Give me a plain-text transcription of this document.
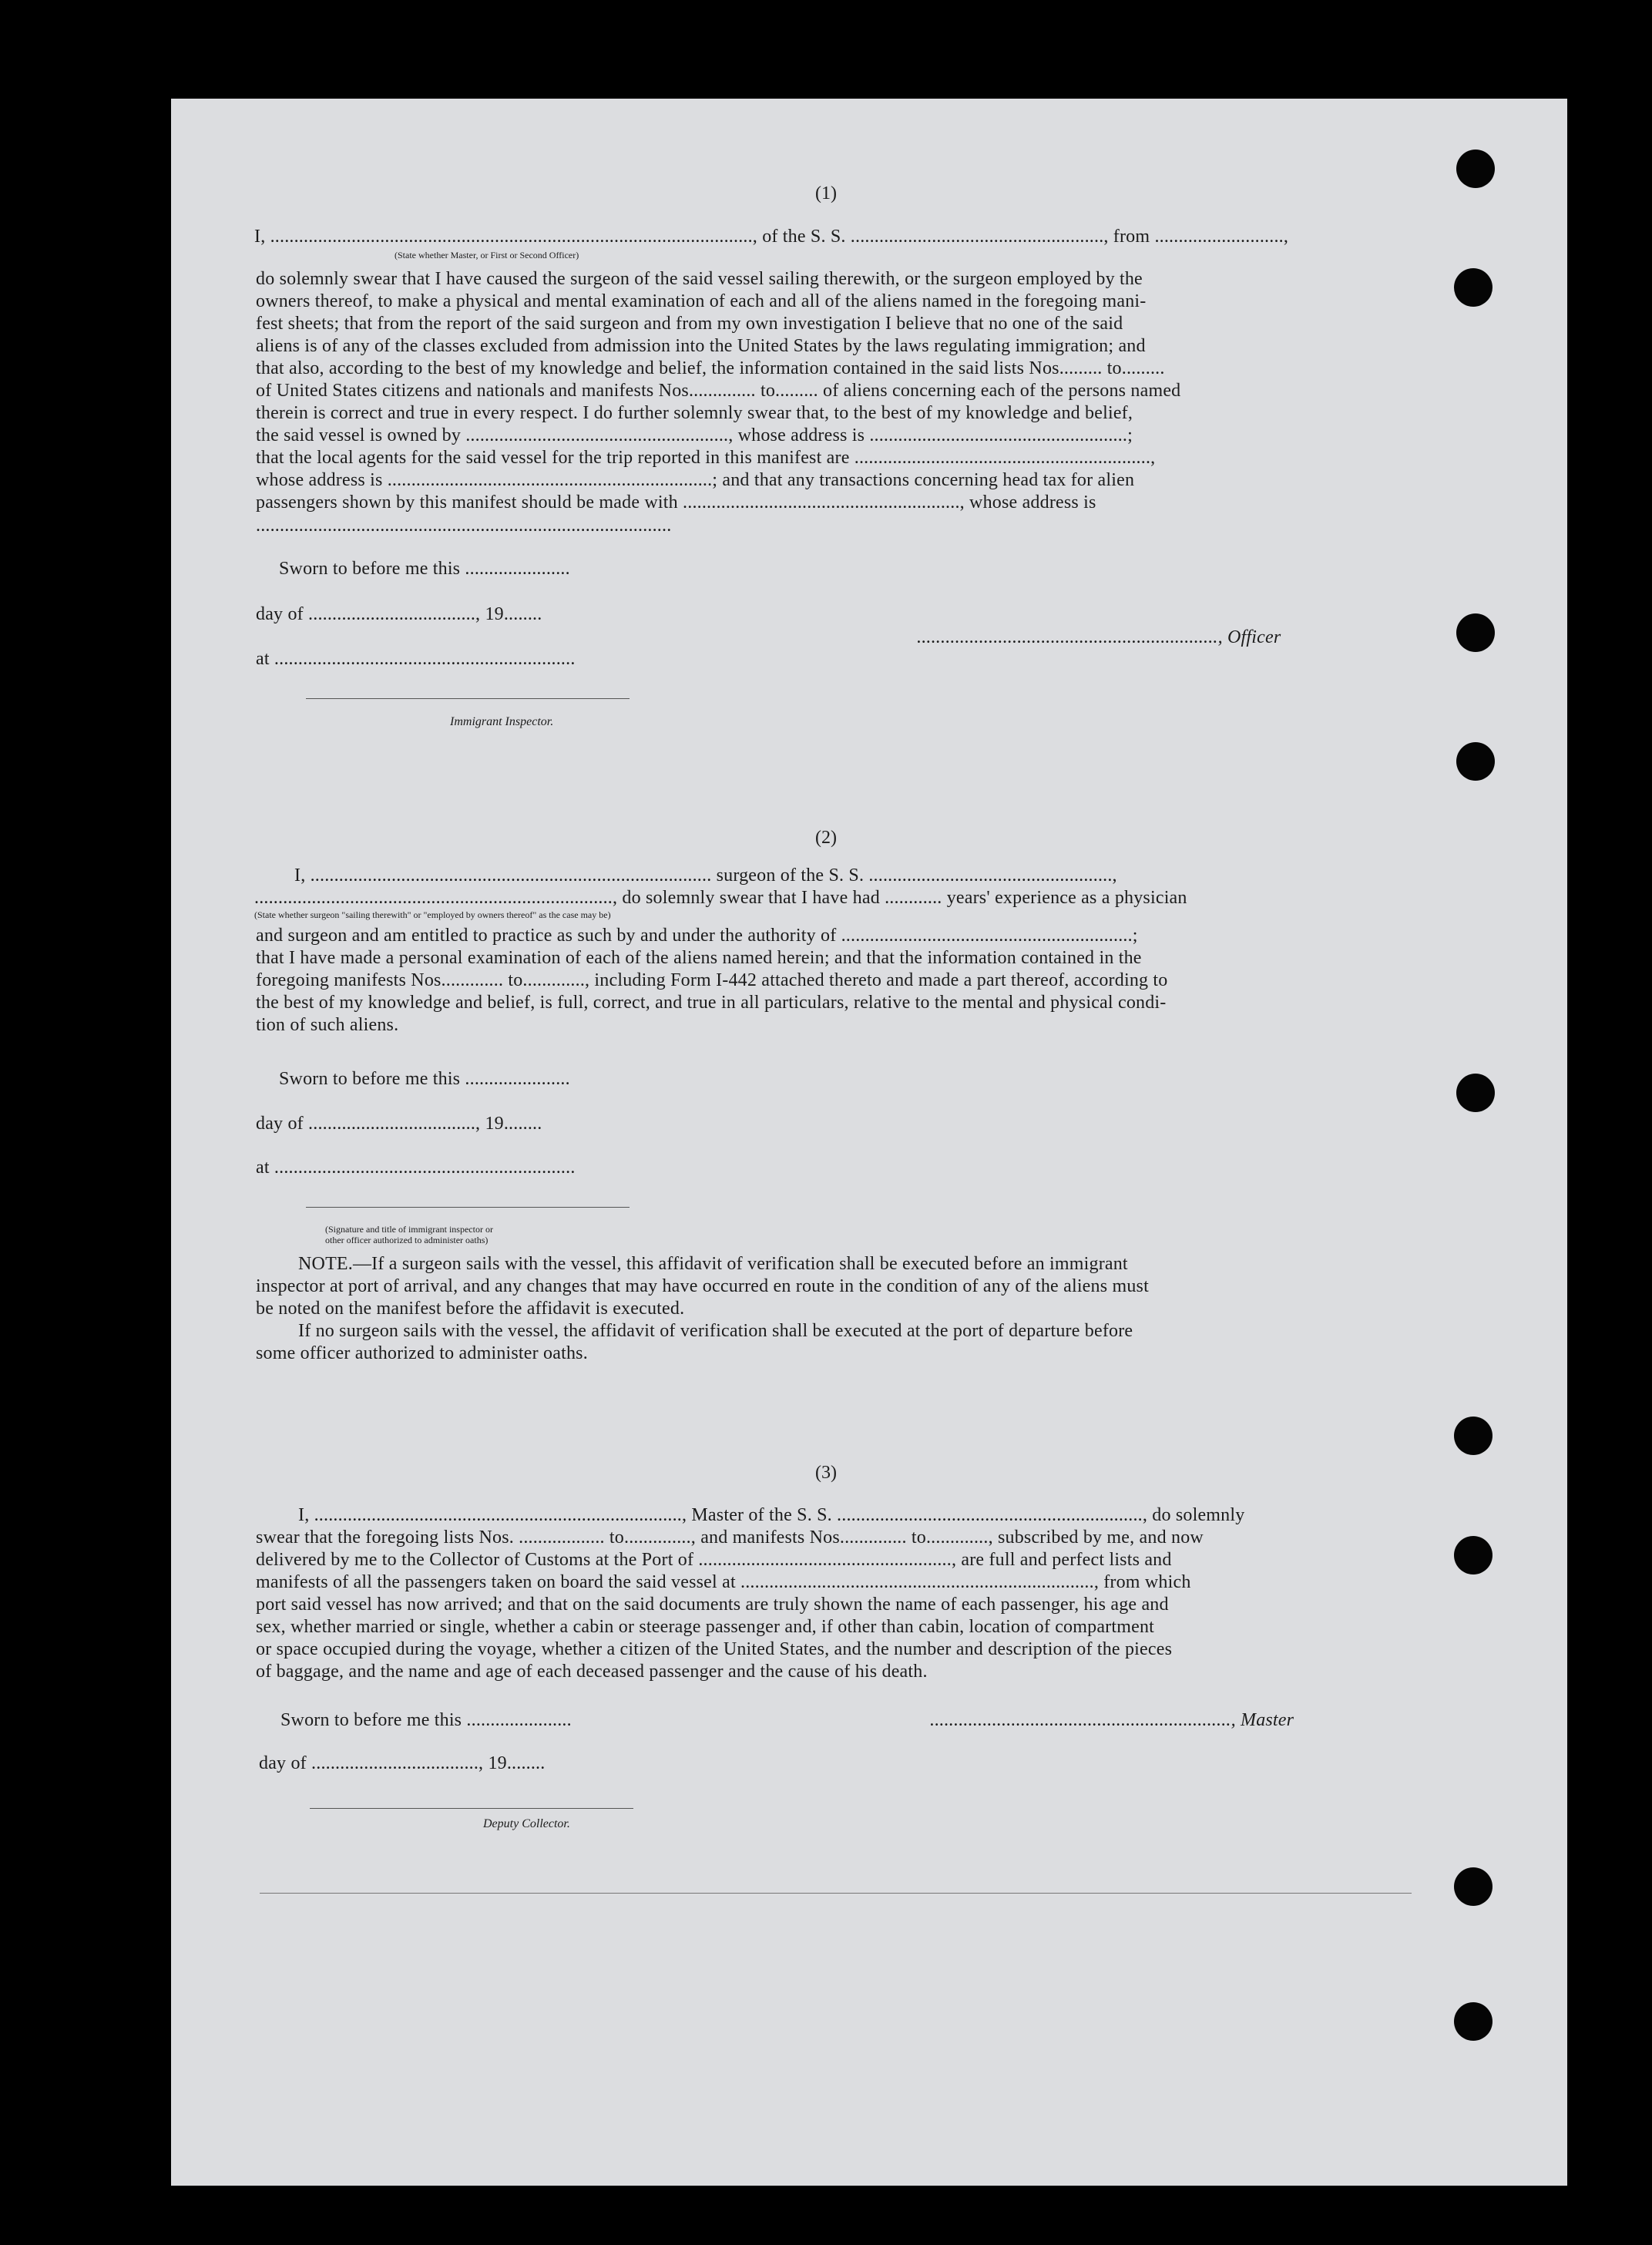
(1)
I, ....................................................................................................., of the S. S. ....................................................., from ...........................,
(State whether Master, or First or Second Officer)
do solemnly swear that I have caused the surgeon of the said vessel sailing therewith, or the surgeon employed by the
owners thereof, to make a physical and mental examination of each and all of the aliens named in the foregoing mani-
fest sheets; that from the report of the said surgeon and from my own investigation I believe that no one of the said
aliens is of any of the classes excluded from admission into the United States by the laws regulating immigration; and
that also, according to the best of my knowledge and belief, the information contained in the said lists Nos......... to.........
of United States citizens and nationals and manifests Nos.............. to......... of aliens concerning each of the persons named
therein is correct and true in every respect. I do further solemnly swear that, to the best of my knowledge and belief,
the said vessel is owned by ......................................................., whose address is ......................................................;
that the local agents for the said vessel for the trip reported in this manifest are ..............................................................,
whose address is ....................................................................; and that any transactions concerning head tax for alien
passengers shown by this manifest should be made with .........................................................., whose address is
.......................................................................................
Sworn to before me this ......................
day of ..................................., 19........
..............................................................., Officer
at ...............................................................
Immigrant Inspector.
(2)
I, .................................................................................... surgeon of the S. S. ...................................................,
..........................................................................., do solemnly swear that I have had ............ years' experience as a physician
(State whether surgeon "sailing therewith" or "employed by owners thereof" as the case may be)
and surgeon and am entitled to practice as such by and under the authority of .............................................................;
that I have made a personal examination of each of the aliens named herein; and that the information contained in the
foregoing manifests Nos............. to............., including Form I-442 attached thereto and made a part thereof, according to
the best of my knowledge and belief, is full, correct, and true in all particulars, relative to the mental and physical condi-
tion of such aliens.
Sworn to before me this ......................
day of ..................................., 19........
at ...............................................................
(Signature and title of immigrant inspector or
other officer authorized to administer oaths)
NOTE.—If a surgeon sails with the vessel, this affidavit of verification shall be executed before an immigrant
inspector at port of arrival, and any changes that may have occurred en route in the condition of any of the aliens must
be noted on the manifest before the affidavit is executed.
If no surgeon sails with the vessel, the affidavit of verification shall be executed at the port of departure before
some officer authorized to administer oaths.
(3)
I, ............................................................................., Master of the S. S. ................................................................, do solemnly
swear that the foregoing lists Nos. .................. to.............., and manifests Nos.............. to............., subscribed by me, and now
delivered by me to the Collector of Customs at the Port of ....................................................., are full and perfect lists and
manifests of all the passengers taken on board the said vessel at .........................................................................., from which
port said vessel has now arrived; and that on the said documents are truly shown the name of each passenger, his age and
sex, whether married or single, whether a cabin or steerage passenger and, if other than cabin, location of compartment
or space occupied during the voyage, whether a citizen of the United States, and the number and description of the pieces
of baggage, and the name and age of each deceased passenger and the cause of his death.
Sworn to before me this ......................	..............................................................., Master
day of ..................................., 19........
Deputy Collector.
